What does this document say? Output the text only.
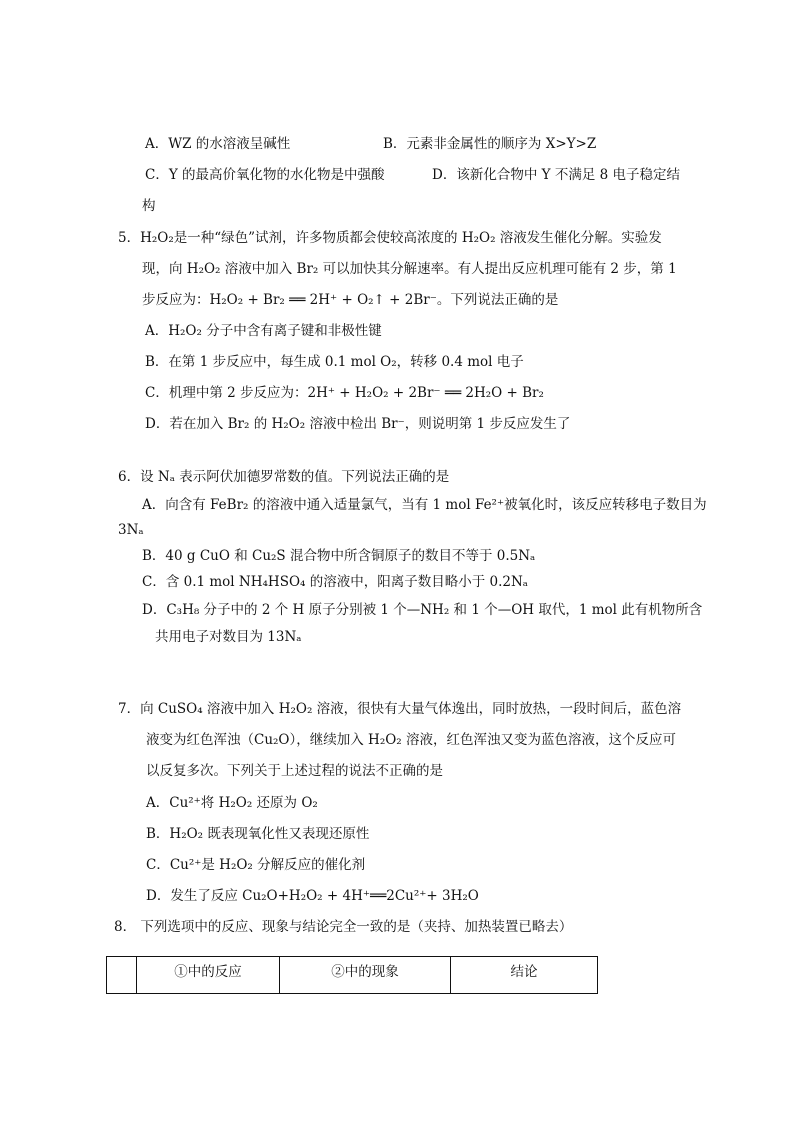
A．WZ 的水溶液呈碱性	B．元素非金属性的顺序为 X>Y>Z
C．Y 的最高价氧化物的水化物是中强酸	D．该新化合物中 Y 不满足 8 电子稳定结
构
5．H₂O₂是一种“绿色”试剂，许多物质都会使较高浓度的 H₂O₂ 溶液发生催化分解。实验发
现，向 H₂O₂ 溶液中加入 Br₂ 可以加快其分解速率。有人提出反应机理可能有 2 步，第 1
步反应为：H₂O₂ + Br₂ ══ 2H⁺ + O₂↑ + 2Br⁻。下列说法正确的是
A．H₂O₂ 分子中含有离子键和非极性键
B．在第 1 步反应中，每生成 0.1 mol O₂，转移 0.4 mol 电子
C．机理中第 2 步反应为：2H⁺ + H₂O₂ + 2Br⁻ ══ 2H₂O + Br₂
D．若在加入 Br₂ 的 H₂O₂ 溶液中检出 Br⁻，则说明第 1 步反应发生了
6．设 Nₐ 表示阿伏加德罗常数的值。下列说法正确的是
A．向含有 FeBr₂ 的溶液中通入适量氯气，当有 1 mol Fe²⁺被氧化时，该反应转移电子数目为
3Nₐ
B．40 g CuO 和 Cu₂S 混合物中所含铜原子的数目不等于 0.5Nₐ
C．含 0.1 mol NH₄HSO₄ 的溶液中，阳离子数目略小于 0.2Nₐ
D．C₃H₈ 分子中的 2 个 H 原子分别被 1 个—NH₂ 和 1 个—OH 取代，1 mol 此有机物所含
共用电子对数目为 13Nₐ
7．向 CuSO₄ 溶液中加入 H₂O₂ 溶液，很快有大量气体逸出，同时放热，一段时间后，蓝色溶
液变为红色浑浊（Cu₂O），继续加入 H₂O₂ 溶液，红色浑浊又变为蓝色溶液，这个反应可
以反复多次。下列关于上述过程的说法不正确的是
A．Cu²⁺将 H₂O₂ 还原为 O₂
B．H₂O₂ 既表现氧化性又表现还原性
C．Cu²⁺是 H₂O₂ 分解反应的催化剂
D．发生了反应 Cu₂O+H₂O₂ + 4H⁺══2Cu²⁺+ 3H₂O
8． 下列选项中的反应、现象与结论完全一致的是（夹持、加热装置已略去）
	①中的反应	②中的现象	结论
